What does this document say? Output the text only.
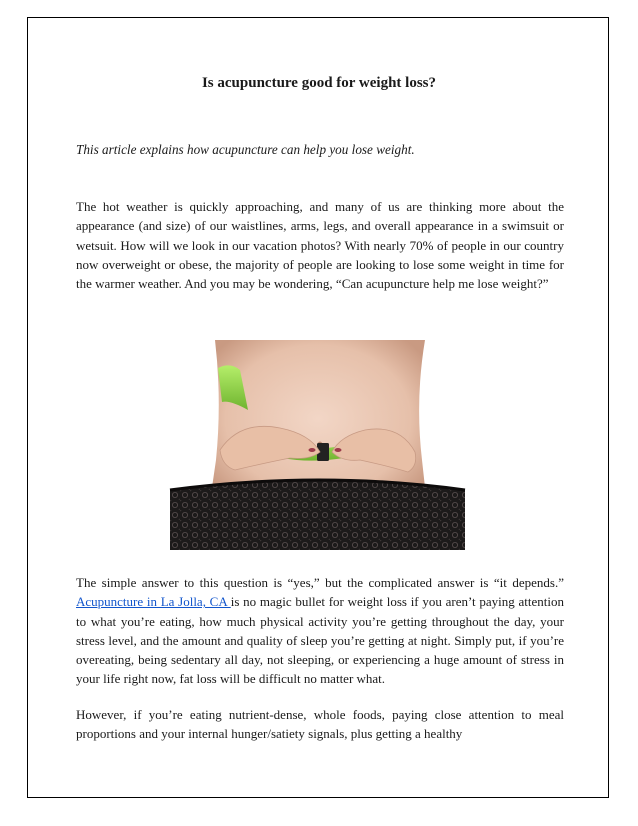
Is acupuncture good for weight loss?

This article explains how acupuncture can help you lose weight.

The hot weather is quickly approaching, and many of us are thinking more about the appearance (and size) of our waistlines, arms, legs, and overall appearance in a swimsuit or wetsuit. How will we look in our vacation photos? With nearly 70% of people in our country now overweight or obese, the majority of people are looking to lose some weight in time for the warmer weather. And you may be wondering, “Can acupuncture help me lose weight?”

The simple answer to this question is “yes,” but the complicated answer is “it depends.” Acupuncture in La Jolla, CA is no magic bullet for weight loss if you aren’t paying attention to what you’re eating, how much physical activity you’re getting throughout the day, your stress level, and the amount and quality of sleep you’re getting at night. Simply put, if you’re overeating, being sedentary all day, not sleeping, or experiencing a huge amount of stress in your life right now, fat loss will be difficult no matter what.

However, if you’re eating nutrient-dense, whole foods, paying close attention to meal proportions and your internal hunger/satiety signals, plus getting a healthy
